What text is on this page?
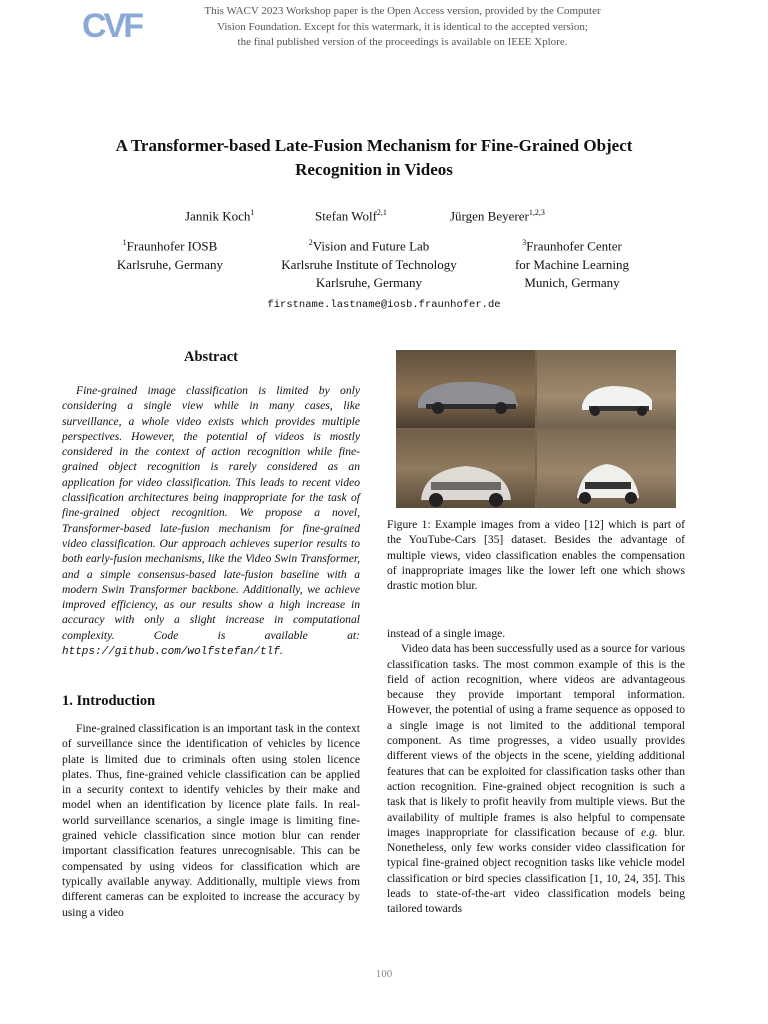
CVF	This WACV 2023 Workshop paper is the Open Access version, provided by the Computer
Vision Foundation. Except for this watermark, it is identical to the accepted version;
the final published version of the proceedings is available on IEEE Xplore.
A Transformer-based Late-Fusion Mechanism for Fine-Grained Object
Recognition in Videos
Jannik Koch$^1$	Stefan Wolf$^{2,1}$	Jürgen Beyerer$^{1,2,3}$
$^1$Fraunhofer IOSB
Karlsruhe, Germany
$^2$Vision and Future Lab
Karlsruhe Institute of Technology
Karlsruhe, Germany
$^3$Fraunhofer Center
for Machine Learning
Munich, Germany
firstname.lastname@iosb.fraunhofer.de
Abstract

Fine-grained image classification is limited by only considering a single view while in many cases, like surveillance, a whole video exists which provides multiple perspectives. However, the potential of videos is mostly considered in the context of action recognition while fine-grained object recognition is rarely considered as an application for video classification. This leads to recent video classification architectures being inappropriate for the task of fine-grained object recognition. We propose a novel, Transformer-based late-fusion mechanism for fine-grained video classification. Our approach achieves superior results to both early-fusion mechanisms, like the Video Swin Transformer, and a simple consensus-based late-fusion baseline with a modern Swin Transformer backbone. Additionally, we achieve improved efficiency, as our results show a high increase in accuracy with only a slight increase in computational complexity. Code is available at: https://github.com/wolfstefan/tlf.

1. Introduction

Fine-grained classification is an important task in the context of surveillance since the identification of vehicles by licence plate is limited due to criminals often using stolen licence plates. Thus, fine-grained vehicle classification can be applied in a security context to identify vehicles by their make and model when an identification by licence plate fails. In real-world surveillance scenarios, a single image is limiting fine-grained vehicle classification since motion blur can render important classification features unrecognisable. This can be compensated by using videos for classification which are typically available anyway. Additionally, multiple views from different cameras can be exploited to increase the accuracy by using a video

Figure 1: Example images from a video [12] which is part of the YouTube-Cars [35] dataset. Besides the advantage of multiple views, video classification enables the compensation of inappropriate images like the lower left one which shows drastic motion blur.

instead of a single image.

Video data has been successfully used as a source for various classification tasks. The most common example of this is the field of action recognition, where videos are advantageous because they provide important temporal information. However, the potential of using a frame sequence as opposed to a single image is not limited to the additional temporal component. As time progresses, a video usually provides different views of the objects in the scene, yielding additional features that can be exploited for classification tasks other than action recognition. Fine-grained object recognition is such a task that is likely to profit heavily from multiple views. But the availability of multiple frames is also helpful to compensate images inappropriate for classification because of e.g. blur. Nonetheless, only few works consider video classification for typical fine-grained object recognition tasks like vehicle model classification or bird species classification [1, 10, 24, 35]. This leads to state-of-the-art video classification models being tailored towards

100
